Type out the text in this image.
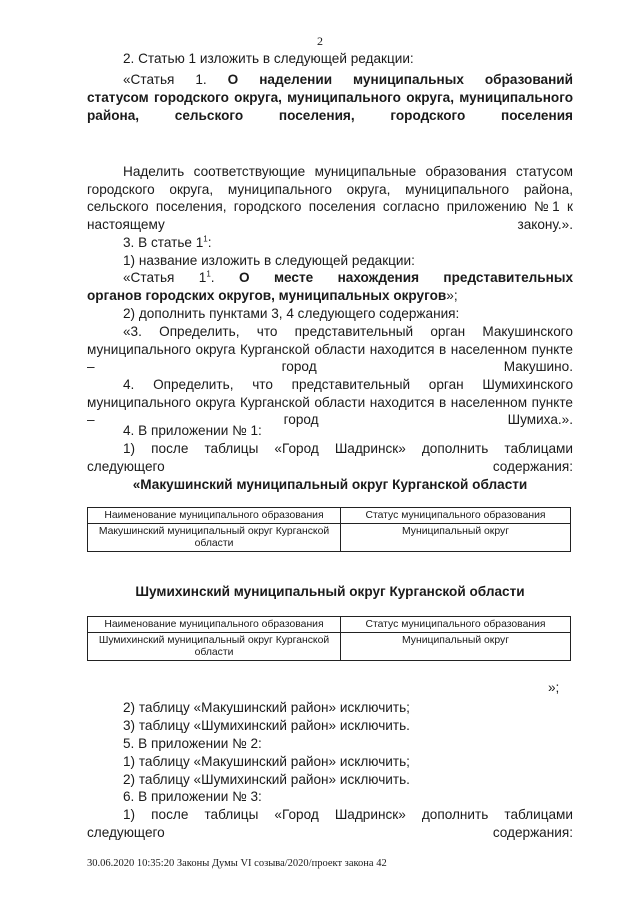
2
2. Статью 1 изложить в следующей редакции:
«Статья 1. О наделении муниципальных образований
статусом городского округа, муниципального округа, муниципального района, сельского поселения, городского поселения
Наделить соответствующие муниципальные образования статусом городского округа, муниципального округа, муниципального района, сельского поселения, городского поселения согласно приложению №1 к настоящему закону.».
3. В статье $1^1$:
1) название изложить в следующей редакции:
«Статья $1^1$. О месте нахождения представительных
органов городских округов, муниципальных округов»;
2) дополнить пунктами 3, 4 следующего содержания:
«3. Определить, что представительный орган Макушинского муниципального округа Курганской области находится в населенном пункте – город Макушино.
4. Определить, что представительный орган Шумихинского муниципального округа Курганской области находится в населенном пункте – город Шумиха.».
4. В приложении № 1:
1) после таблицы «Город Шадринск» дополнить таблицами следующего содержания:
«Макушинский муниципальный округ Курганской области
Наименование муниципального образования	Статус муниципального образования
Макушинский муниципальный округ Курганской области	Муниципальный округ
Шумихинский муниципальный округ Курганской области
Наименование муниципального образования	Статус муниципального образования
Шумихинский муниципальный округ Курганской области	Муниципальный округ
»;
2) таблицу «Макушинский район» исключить;
3) таблицу «Шумихинский район» исключить.
5. В приложении № 2:
1) таблицу «Макушинский район» исключить;
2) таблицу «Шумихинский район» исключить.
6. В приложении № 3:
1) после таблицы «Город Шадринск» дополнить таблицами следующего содержания:
30.06.2020 10:35:20 Законы Думы VI созыва/2020/проект закона 42
